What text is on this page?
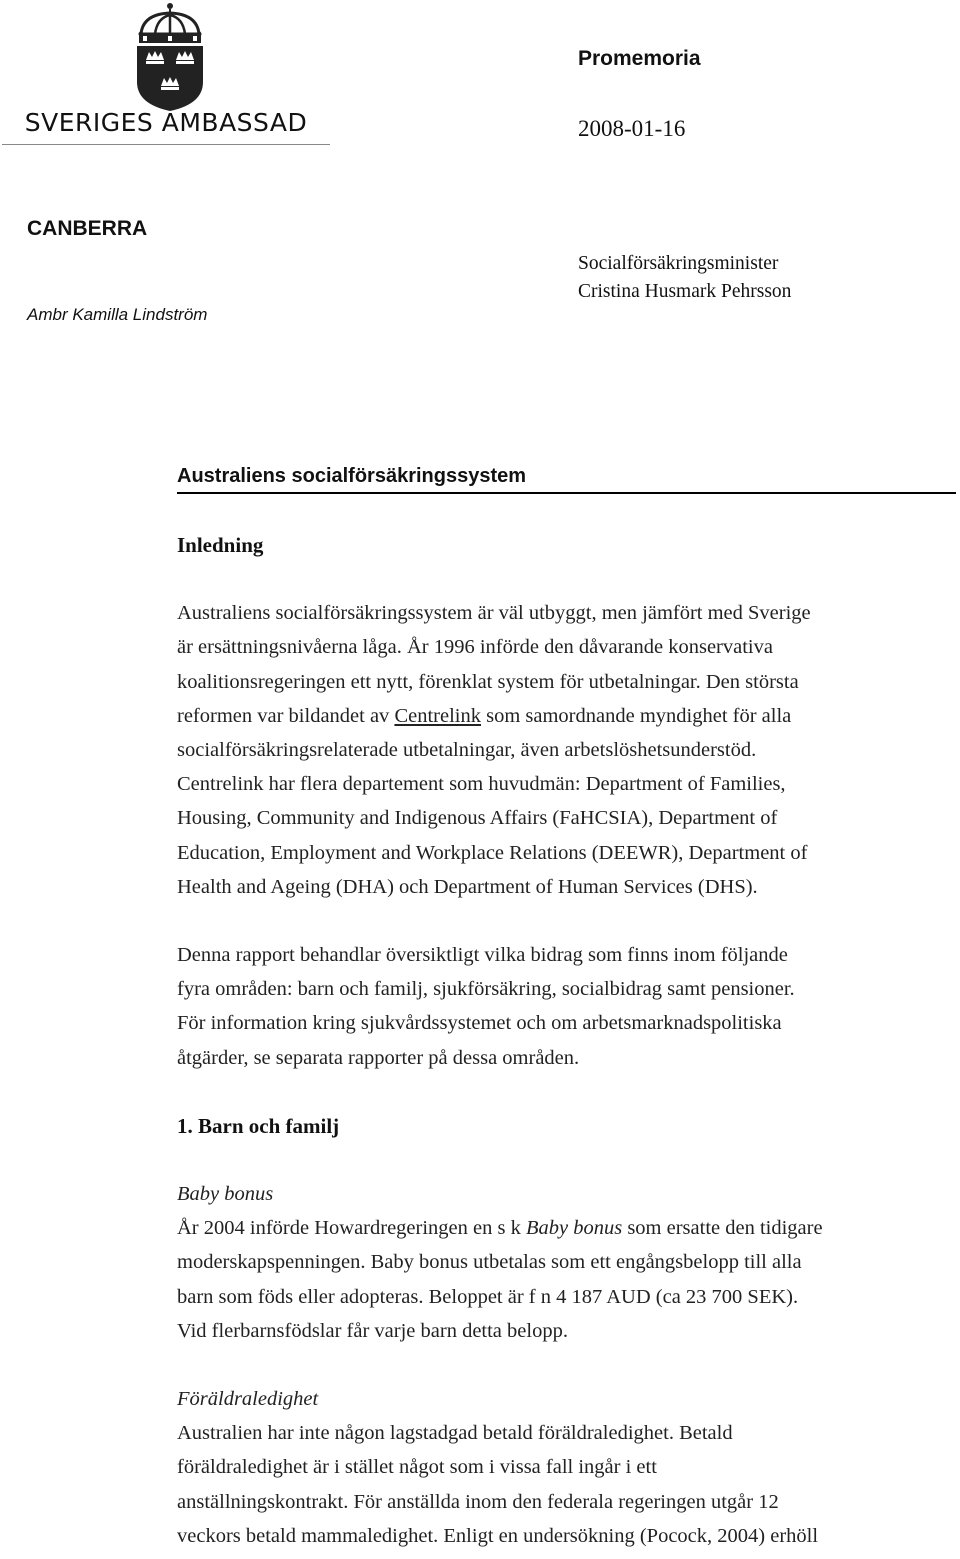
SVERIGES AMBASSAD
Promemoria
2008-01-16
CANBERRA
Ambr Kamilla Lindström
Socialförsäkringsminister
Cristina Husmark Pehrsson
Australiens socialförsäkringssystem
Inledning

Australiens socialförsäkringssystem är väl utbyggt, men jämfört med Sverige
är ersättningsnivåerna låga. År 1996 införde den dåvarande konservativa
koalitionsregeringen ett nytt, förenklat system för utbetalningar. Den största
reformen var bildandet av Centrelink som samordnande myndighet för alla
socialförsäkringsrelaterade utbetalningar, även arbetslöshetsunderstöd.
Centrelink har flera departement som huvudmän: Department of Families,
Housing, Community and Indigenous Affairs (FaHCSIA), Department of
Education, Employment and Workplace Relations (DEEWR), Department of
Health and Ageing (DHA) och Department of Human Services (DHS).

Denna rapport behandlar översiktligt vilka bidrag som finns inom följande
fyra områden: barn och familj, sjukförsäkring, socialbidrag samt pensioner.
För information kring sjukvårdssystemet och om arbetsmarknadspolitiska
åtgärder, se separata rapporter på dessa områden.

1. Barn och familj
Baby bonus

År 2004 införde Howardregeringen en s k Baby bonus som ersatte den tidigare
moderskapspenningen. Baby bonus utbetalas som ett engångsbelopp till alla
barn som föds eller adopteras. Beloppet är f n 4 187 AUD (ca 23 700 SEK).
Vid flerbarnsfödslar får varje barn detta belopp.

Föräldraledighet

Australien har inte någon lagstadgad betald föräldraledighet. Betald
föräldraledighet är i stället något som i vissa fall ingår i ett
anställningskontrakt. För anställda inom den federala regeringen utgår 12
veckors betald mammaledighet. Enligt en undersökning (Pocock, 2004) erhöll
